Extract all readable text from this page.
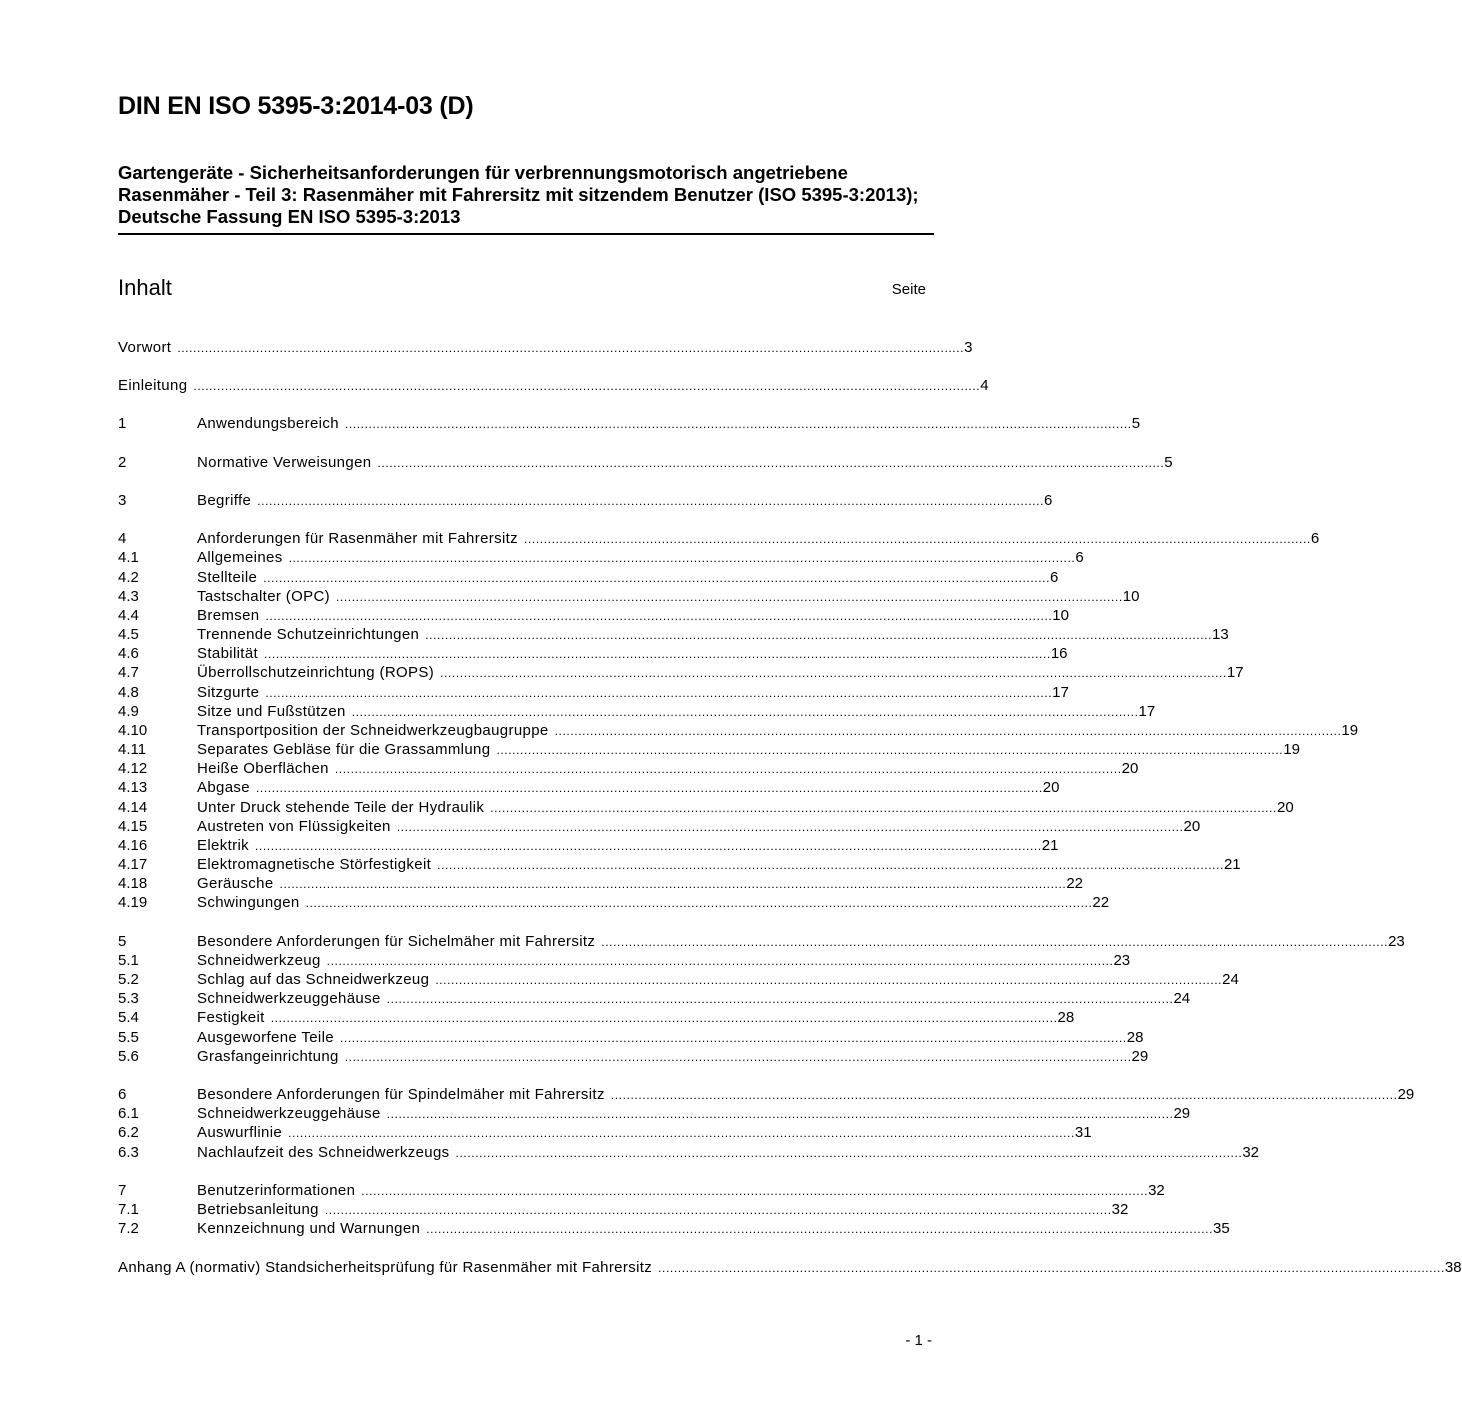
DIN EN ISO 5395-3:2014-03 (D)
Gartengeräte - Sicherheitsanforderungen für verbrennungsmotorisch angetriebene Rasenmäher - Teil 3: Rasenmäher mit Fahrersitz mit sitzendem Benutzer (ISO 5395-3:2013); Deutsche Fassung EN ISO 5395-3:2013
Inhalt	Seite
Vorwort ........................................................................................................................................................................................................ 3
Einleitung ........................................................................................................................................................................................................ 4
1	Anwendungsbereich ........................................................................................................................................................................................................ 5
2	Normative Verweisungen ........................................................................................................................................................................................................ 5
3	Begriffe ........................................................................................................................................................................................................ 6
4	Anforderungen für Rasenmäher mit Fahrersitz ........................................................................................................................................................................................................ 6
4.1	Allgemeines ........................................................................................................................................................................................................ 6
4.2	Stellteile ........................................................................................................................................................................................................ 6
4.3	Tastschalter (OPC) ........................................................................................................................................................................................................ 10
4.4	Bremsen ........................................................................................................................................................................................................ 10
4.5	Trennende Schutzeinrichtungen ........................................................................................................................................................................................................ 13
4.6	Stabilität ........................................................................................................................................................................................................ 16
4.7	Überrollschutzeinrichtung (ROPS) ........................................................................................................................................................................................................ 17
4.8	Sitzgurte ........................................................................................................................................................................................................ 17
4.9	Sitze und Fußstützen ........................................................................................................................................................................................................ 17
4.10	Transportposition der Schneidwerkzeugbaugruppe ........................................................................................................................................................................................................ 19
4.11	Separates Gebläse für die Grassammlung ........................................................................................................................................................................................................ 19
4.12	Heiße Oberflächen ........................................................................................................................................................................................................ 20
4.13	Abgase ........................................................................................................................................................................................................ 20
4.14	Unter Druck stehende Teile der Hydraulik ........................................................................................................................................................................................................ 20
4.15	Austreten von Flüssigkeiten ........................................................................................................................................................................................................ 20
4.16	Elektrik ........................................................................................................................................................................................................ 21
4.17	Elektromagnetische Störfestigkeit ........................................................................................................................................................................................................ 21
4.18	Geräusche ........................................................................................................................................................................................................ 22
4.19	Schwingungen ........................................................................................................................................................................................................ 22
5	Besondere Anforderungen für Sichelmäher mit Fahrersitz ........................................................................................................................................................................................................ 23
5.1	Schneidwerkzeug ........................................................................................................................................................................................................ 23
5.2	Schlag auf das Schneidwerkzeug ........................................................................................................................................................................................................ 24
5.3	Schneidwerkzeuggehäuse ........................................................................................................................................................................................................ 24
5.4	Festigkeit ........................................................................................................................................................................................................ 28
5.5	Ausgeworfene Teile ........................................................................................................................................................................................................ 28
5.6	Grasfangeinrichtung ........................................................................................................................................................................................................ 29
6	Besondere Anforderungen für Spindelmäher mit Fahrersitz ........................................................................................................................................................................................................ 29
6.1	Schneidwerkzeuggehäuse ........................................................................................................................................................................................................ 29
6.2	Auswurflinie ........................................................................................................................................................................................................ 31
6.3	Nachlaufzeit des Schneidwerkzeugs ........................................................................................................................................................................................................ 32
7	Benutzerinformationen ........................................................................................................................................................................................................ 32
7.1	Betriebsanleitung ........................................................................................................................................................................................................ 32
7.2	Kennzeichnung und Warnungen ........................................................................................................................................................................................................ 35
Anhang A (normativ) Standsicherheitsprüfung für Rasenmäher mit Fahrersitz ........................................................................................................................................................................................................ 38
- 1 -
